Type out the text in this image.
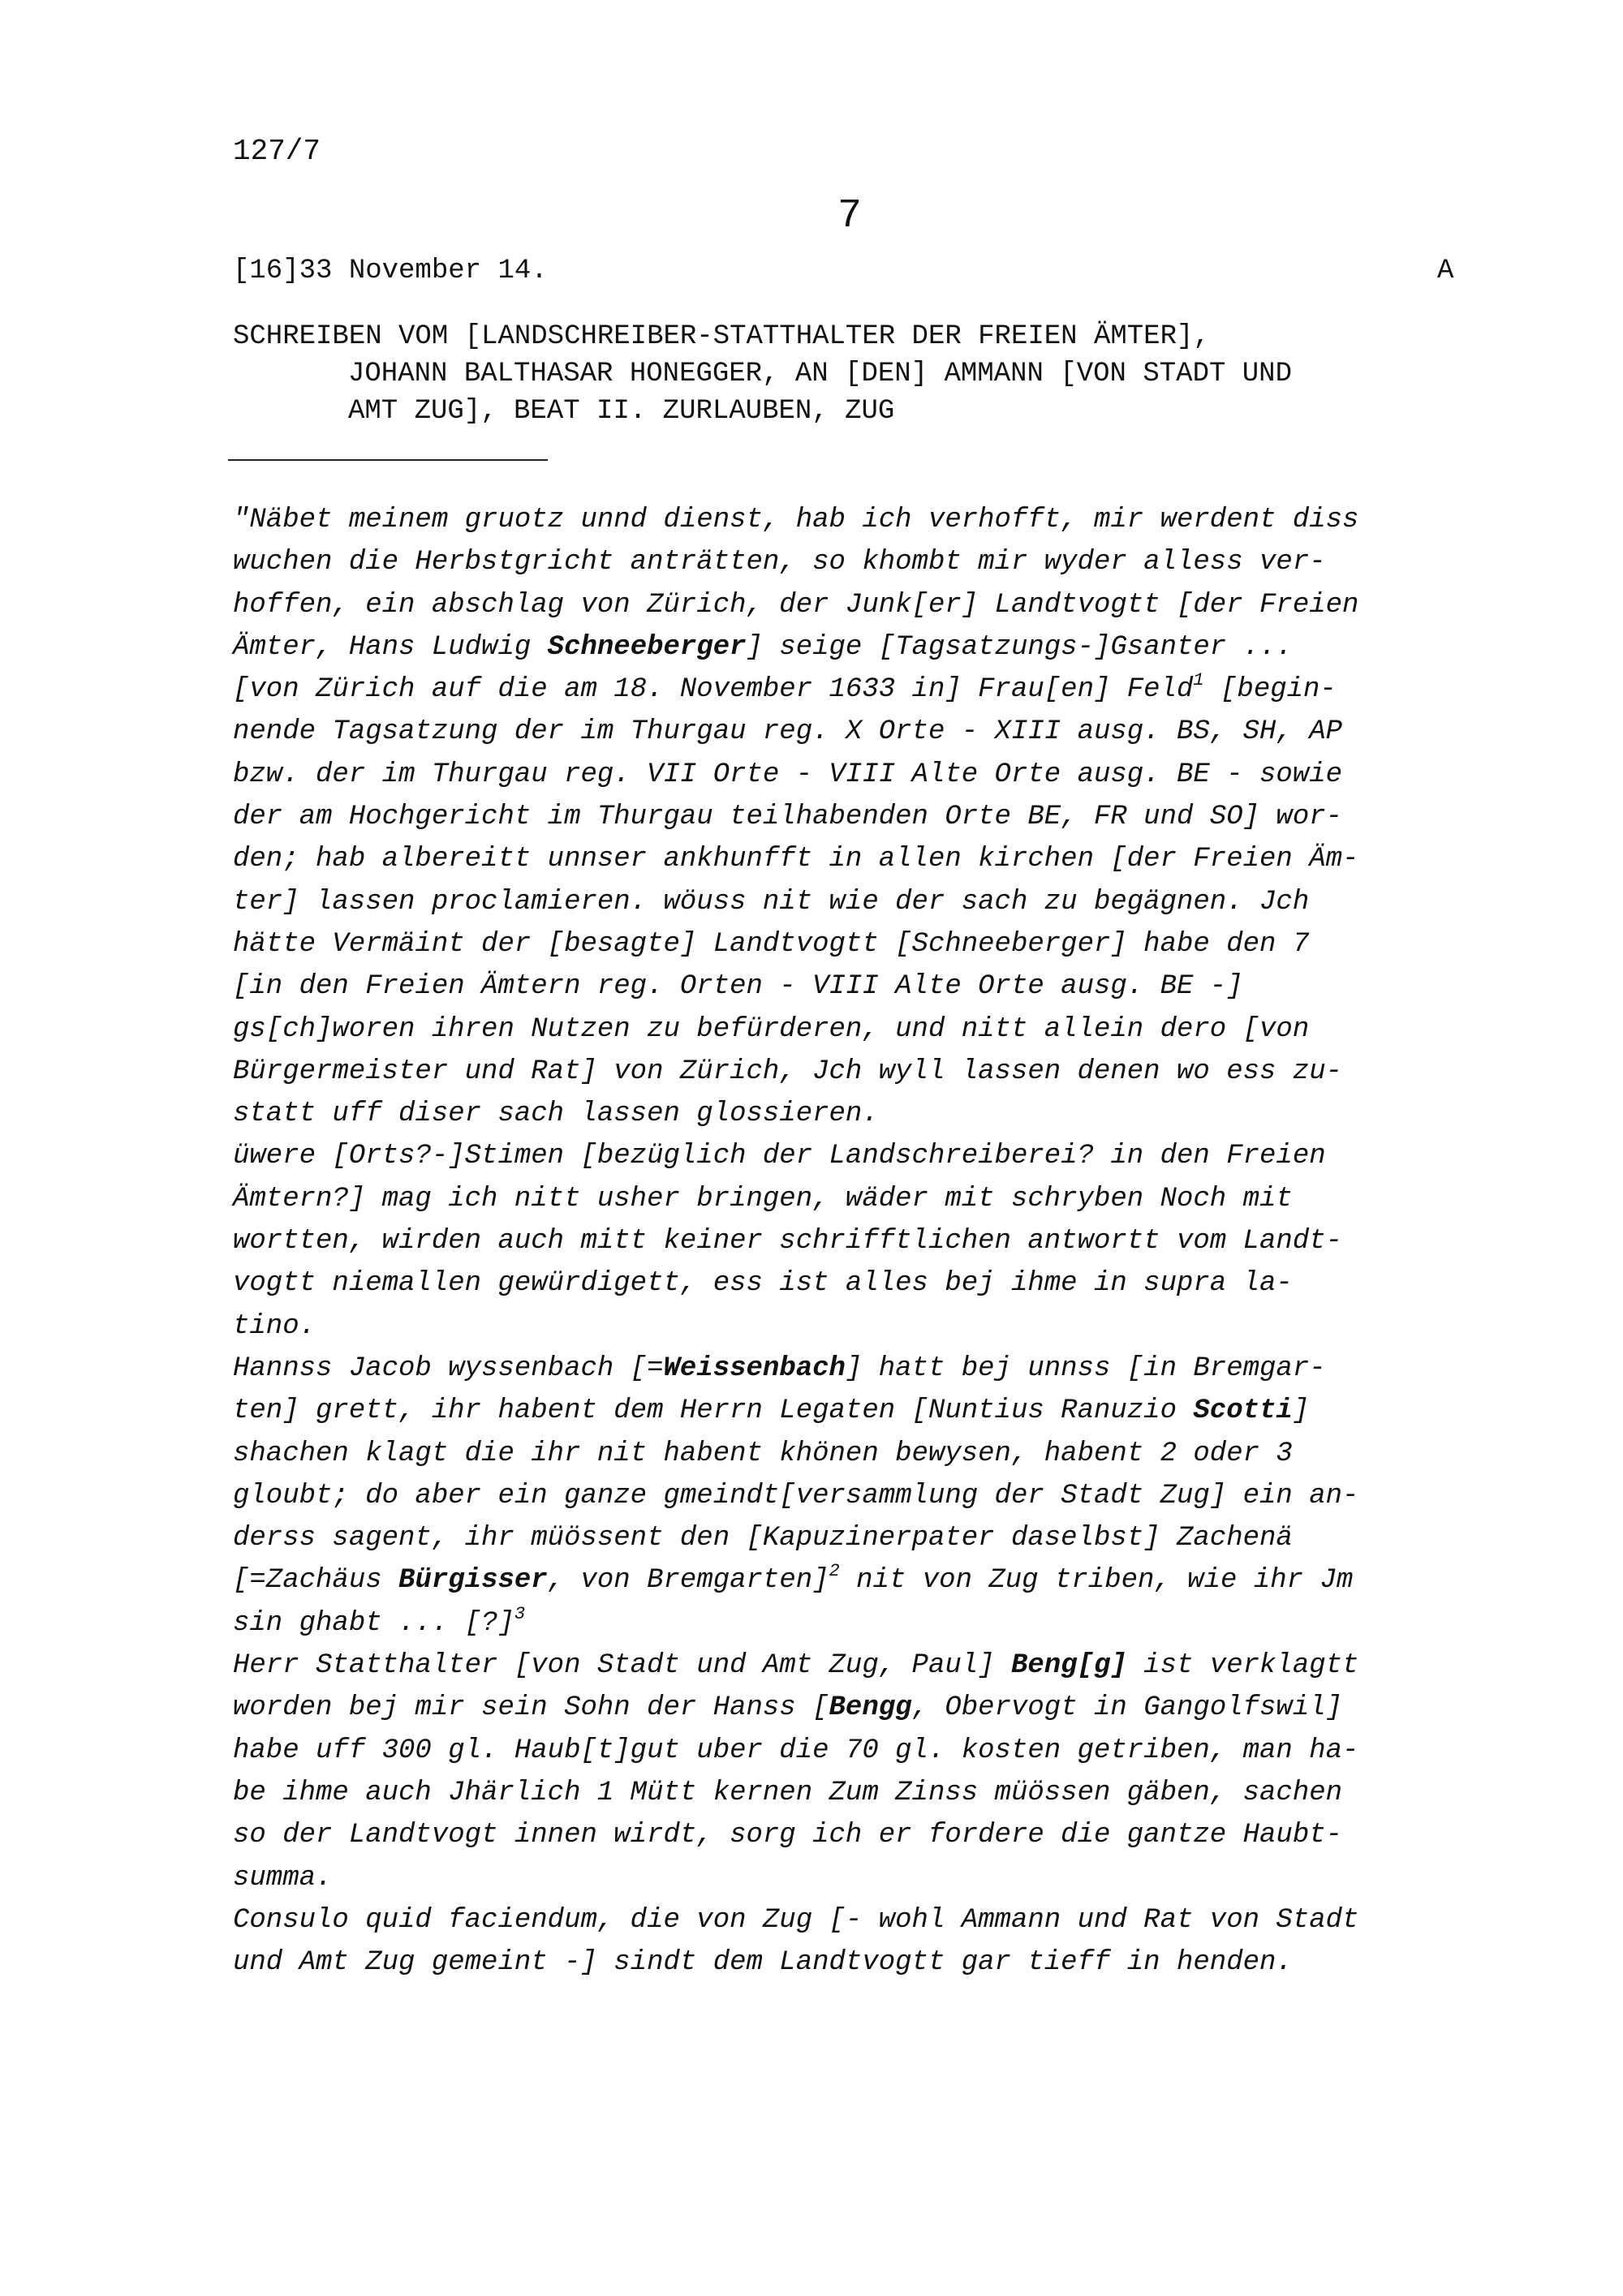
127/7
7
[16]33 November 14.	A
SCHREIBEN VOM [LANDSCHREIBER-STATTHALTER DER FREIEN ÄMTER],
JOHANN BALTHASAR HONEGGER, AN [DEN] AMMANN [VON STADT UND
AMT ZUG], BEAT II. ZURLAUBEN, ZUG
"Näbet meinem gruotz unnd dienst, hab ich verhofft, mir werdent diss
wuchen die Herbstgricht anträtten, so khombt mir wyder alless ver-
hoffen, ein abschlag von Zürich, der Junk[er] Landtvogtt [der Freien
Ämter, Hans Ludwig Schneeberger] seige [Tagsatzungs-]Gsanter ...
[von Zürich auf die am 18. November 1633 in] Frau[en] Feld$^1$ [begin-
nende Tagsatzung der im Thurgau reg. X Orte - XIII ausg. BS, SH, AP
bzw. der im Thurgau reg. VII Orte - VIII Alte Orte ausg. BE - sowie
der am Hochgericht im Thurgau teilhabenden Orte BE, FR und SO] wor-
den; hab albereitt unnser ankhunfft in allen kirchen [der Freien Äm-
ter] lassen proclamieren. wöuss nit wie der sach zu begägnen. Jch
hätte Vermäint der [besagte] Landtvogtt [Schneeberger] habe den 7
[in den Freien Ämtern reg. Orten - VIII Alte Orte ausg. BE -]
gs[ch]woren ihren Nutzen zu befürderen, und nitt allein dero [von
Bürgermeister und Rat] von Zürich, Jch wyll lassen denen wo ess zu-
statt uff diser sach lassen glossieren.
üwere [Orts?-]Stimen [bezüglich der Landschreiberei? in den Freien
Ämtern?] mag ich nitt usher bringen, wäder mit schryben Noch mit
wortten, wirden auch mitt keiner schrifftlichen antwortt vom Landt-
vogtt niemallen gewürdigett, ess ist alles bej ihme in supra la-
tino.
Hannss Jacob wyssenbach [=Weissenbach] hatt bej unnss [in Bremgar-
ten] grett, ihr habent dem Herrn Legaten [Nuntius Ranuzio Scotti]
shachen klagt die ihr nit habent khönen bewysen, habent 2 oder 3
gloubt; do aber ein ganze gmeindt[versammlung der Stadt Zug] ein an-
derss sagent, ihr müössent den [Kapuzinerpater daselbst] Zachenä
[=Zachäus Bürgisser, von Bremgarten]$^2$ nit von Zug triben, wie ihr Jm
sin ghabt ... [?]$^3$
Herr Statthalter [von Stadt und Amt Zug, Paul] Beng[g] ist verklagtt
worden bej mir sein Sohn der Hanss [Bengg, Obervogt in Gangolfswil]
habe uff 300 gl. Haub[t]gut uber die 70 gl. kosten getriben, man ha-
be ihme auch Jhärlich 1 Mütt kernen Zum Zinss müössen gäben, sachen
so der Landtvogt innen wirdt, sorg ich er fordere die gantze Haubt-
summa.
Consulo quid faciendum, die von Zug [- wohl Ammann und Rat von Stadt
und Amt Zug gemeint -] sindt dem Landtvogtt gar tieff in henden.
